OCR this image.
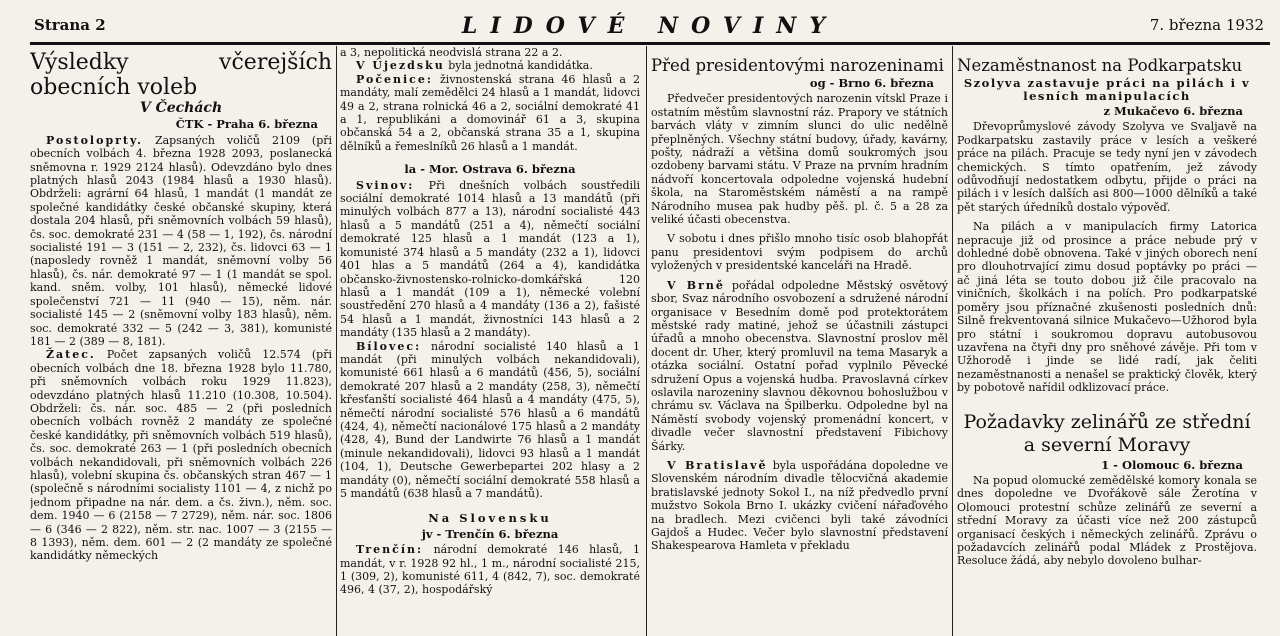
Strana 2	LIDOVÉ NOVINY	7. března 1932
Výsledky včerejších obecních voleb
V Čechách
ČTK - Praha 6. března

Postoloprty. Zapsaných voličů 2109 (při obecních volbách 4. března 1928 2093, poslanecká sněmovna r. 1929 2124 hlasů). Odevzdáno bylo dnes platných hlasů 2043 (1984 hlasů a 1930 hlasů). Obdrželi: agrární 64 hlasů, 1 mandát (1 mandát ze společné kandidátky české občanské skupiny, která dostala 204 hlasů, při sněmovních volbách 59 hlasů), čs. soc. demokraté 231 — 4 (58 — 1, 192), čs. národní socialisté 191 — 3 (151 — 2, 232), čs. lidovci 63 — 1 (naposledy rovněž 1 mandát, sněmovní volby 56 hlasů), čs. nár. demokraté 97 — 1 (1 mandát se spol. kand. sněm. volby, 101 hlasů), německé lidové společenství 721 — 11 (940 — 15), něm. nár. socialisté 145 — 2 (sněmovní volby 183 hlasů), něm. soc. demokraté 332 — 5 (242 — 3, 381), komunisté 181 — 2 (389 — 8, 181).

Žatec. Počet zapsaných voličů 12.574 (při obecních volbách dne 18. března 1928 bylo 11.780, při sněmovních volbách roku 1929 11.823), odevzdáno platných hlasů 11.210 (10.308, 10.504). Obdrželi: čs. nár. soc. 485 — 2 (při posledních obecních volbách rovněž 2 mandáty ze společné české kandidátky, při sněmovních volbách 519 hlasů), čs. soc. demokraté 263 — 1 (při posledních obecních volbách nekandidovali, při sněmovních volbách 226 hlasů), volební skupina čs. občanských stran 467 — 1 (společně s národními socialisty 1101 — 4, z nichž po jednom připadne na nár. dem. a čs. živn.), něm. soc. dem. 1940 — 6 (2158 — 7 2729), něm. nár. soc. 1806 — 6 (346 — 2 822), něm. str. nac. 1007 — 3 (2155 — 8 1393), něm. dem. 601 — 2 (2 mandáty ze společné kandidátky německých

a 3, nepolitická neodvislá strana 22 a 2.

V Újezdsku byla jednotná kandidátka.

Počenice: živnostenská strana 46 hlasů a 2 mandáty, malí zemědělci 24 hlasů a 1 mandát, lidovci 49 a 2, strana rolnická 46 a 2, sociální demokraté 41 a 1, republikáni a domovinář 61 a 3, skupina občanská 54 a 2, občanská strana 35 a 1, skupina dělníků a řemeslníků 26 hlasů a 1 mandát.

la - Mor. Ostrava 6. března

Svinov: Při dnešních volbách soustředili sociální demokraté 1014 hlasů a 13 mandátů (při minulých volbách 877 a 13), národní socialisté 443 hlasů a 5 mandátů (251 a 4), němečtí sociální demokraté 125 hlasů a 1 mandát (123 a 1), komunisté 374 hlasů a 5 mandáty (232 a 1), lidovci 401 hlas a 5 mandátů (264 a 4), kandidátka občansko-živnostensko-rolnicko-domkářská 120 hlasů a 1 mandát (109 a 1), německé volební soustředění 270 hlasů a 4 mandáty (136 a 2), fašisté 54 hlasů a 1 mandát, živnostníci 143 hlasů a 2 mandáty (135 hlasů a 2 mandáty).

Bílovec: národní socialisté 140 hlasů a 1 mandát (při minulých volbách nekandidovali), komunisté 661 hlasů a 6 mandátů (456, 5), sociální demokraté 207 hlasů a 2 mandáty (258, 3), němečtí křesťanští socialisté 464 hlasů a 4 mandáty (475, 5), němečtí národní socialisté 576 hlasů a 6 mandátů (424, 4), němečtí nacionálové 175 hlasů a 2 mandáty (428, 4), Bund der Landwirte 76 hlasů a 1 mandát (minule nekandidovali), lidovci 93 hlasů a 1 mandát (104, 1), Deutsche Gewerbepartei 202 hlasy a 2 mandáty (0), němečtí sociální demokraté 558 hlasů a 5 mandátů (638 hlasů a 7 mandátů).

Na Slovensku
jv - Trenčín 6. března

Trenčín: národní demokraté 146 hlasů, 1 mandát, v r. 1928 92 hl., 1 m., národní socialisté 215, 1 (309, 2), komunisté 611, 4 (842, 7), soc. demokraté 496, 4 (37, 2), hospodářský

Před presidentovými narozeninami
og - Brno 6. března

Předvečer presidentových narozenin vítskl Praze i ostatním městům slavnostní ráz. Prapory ve státních barvách vláty v zimním slunci do ulic nedělně přeplněných. Všechny státní budovy, úřady, kavárny, pošty, nádraží a většina domů soukromých jsou ozdobeny barvami státu. V Praze na prvním hradním nádvoří koncertovala odpoledne vojenská hudební škola, na Staroměstském náměstí a na rampě Národního musea pak hudby pěš. pl. č. 5 a 28 za veliké účasti obecenstva.

V sobotu i dnes přišlo mnoho tisíc osob blahopřát panu presidentovi svým podpisem do archů vyložených v presidentské kanceláři na Hradě.

V Brně pořádal odpoledne Městský osvětový sbor, Svaz národního osvobození a sdružené národní organisace v Besedním domě pod protektorátem městské rady matiné, jehož se účastnili zástupci úřadů a mnoho obecenstva. Slavnostní proslov měl docent dr. Uher, který promluvil na tema Masaryk a otázka sociální. Ostatní pořad vyplnilo Pěvecké sdružení Opus a vojenská hudba. Pravoslavná církev oslavila narozeniny slavnou děkovnou bohoslužbou v chrámu sv. Václava na Špilberku. Odpoledne byl na Náměstí svobody vojenský promenádní koncert, v divadle večer slavnostní představení Fibichovy Šárky.

V Bratislavě byla uspořádána dopoledne ve Slovenském národním divadle tělocvičná akademie bratislavské jednoty Sokol I., na níž předvedlo první mužstvo Sokola Brno I. ukázky cvičení nářaďového na bradlech. Mezi cvičenci byli také závodníci Gajdoš a Hudec. Večer bylo slavnostní představení Shakespearova Hamleta v překladu

Nezaměstnanost na Podkarpatsku
Szolyva zastavuje práci na pilách i v lesních manipulacích
z Mukačevo 6. března

Dřevoprůmyslové závody Szolyva ve Svaljavě na Podkarpatsku zastavily práce v lesích a veškeré práce na pilách. Pracuje se tedy nyní jen v závodech chemických. S tímto opatřením, jež závody odůvodňují nedostatkem odbytu, přijde o práci na pilách i v lesích dalších asi 800—1000 dělníků a také pět starých úředníků dostalo výpověď.

Na pilách a v manipulacích firmy Latorica nepracuje již od prosince a práce nebude prý v dohledné době obnovena. Také v jiných oborech není pro dlouhotrvající zimu dosud poptávky po práci — ač jiná léta se touto dobou již čile pracovalo na viničních, školkách i na polích. Pro podkarpatské poměry jsou příznačné zkušenosti posledních dnů: Silně frekventovaná silnice Mukačevo—Užhorod byla pro státní i soukromou dopravu autobusovou uzavřena na čtyři dny pro sněhové závěje. Při tom v Užhorodě i jinde se lidé radí, jak čeliti nezaměstnanosti a nenašel se praktický člověk, který by pobotově nařídil odklizovací práce.

Požadavky zelinářů ze střední a severní Moravy
1 - Olomouc 6. března

Na popud olomucké zemědělské komory konala se dnes dopoledne ve Dvořákově sále Žerotína v Olomouci protestní schůze zelinářů ze severní a střední Moravy za účasti více než 200 zástupců organisací českých i německých zelinářů. Zprávu o požadavcích zelinářů podal Mládek z Prostějova. Resoluce žádá, aby nebylo dovoleno bulhar-
